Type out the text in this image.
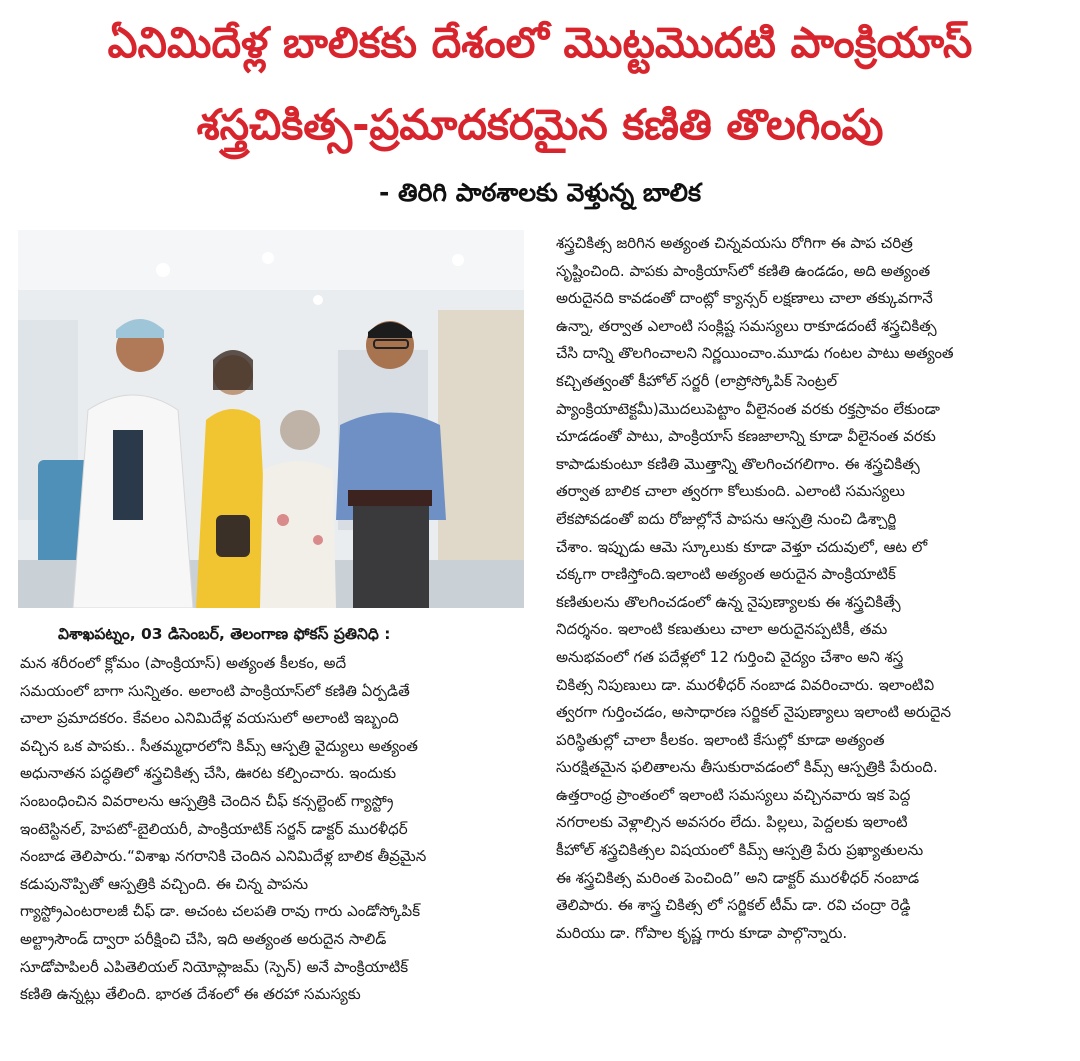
ఏనిమిదేళ్ల బాలికకు దేశంలో మొట్టమొదటి పాంక్రియాస్
శస్త్రచికిత్స-ప్రమాదకరమైన కణితి తొలగింపు
- తిరిగి పాఠశాలకు వెళ్తున్న బాలిక
విశాఖపట్నం, 03 డిసెంబర్, తెలంగాణ ఫోకస్ ప్రతినిధి :
మన శరీరంలో క్లోమం (పాంక్రియాస్) అత్యంత కీలకం, అదే
సమయంలో బాగా సున్నితం. అలాంటి పాంక్రియాస్‌లో కణితి ఏర్పడితే
చాలా ప్రమాదకరం. కేవలం ఎనిమిదేళ్ల వయసులో అలాంటి ఇబ్బంది
వచ్చిన ఒక పాపకు.. సీతమ్మధారలోని కిమ్స్ ఆస్పత్రి వైద్యులు అత్యంత
అధునాతన పద్ధతిలో శస్త్రచికిత్స చేసి, ఊరట కల్పించారు. ఇందుకు
సంబంధించిన వివరాలను ఆస్పత్రికి చెందిన చీఫ్ కన్సల్టెంట్ గ్యాస్ట్రో
ఇంటెస్టినల్, హెపటో-బైలియరీ, పాంక్రియాటిక్ సర్జన్ డాక్టర్ మురళీధర్
నంబాడ తెలిపారు.“విశాఖ నగరానికి చెందిన ఎనిమిదేళ్ల బాలిక తీవ్రమైన
కడుపునొప్పితో ఆస్పత్రికి వచ్చింది. ఈ చిన్న పాపను
గ్యాస్ట్రోఎంటరాలజీ చీఫ్ డా. అచంట చలపతి రావు గారు ఎండోస్కోపిక్
అల్ట్రాసౌండ్ ద్వారా పరీక్షించి చేసి, ఇది అత్యంత అరుదైన సాలిడ్
సూడోపాపిలరీ ఎపితెలియల్ నియోప్లాజమ్ (స్పెన్) అనే పాంక్రియాటిక్
కణితి ఉన్నట్లు తేలింది. భారత దేశంలో ఈ తరహా సమస్యకు
శస్త్రచికిత్స జరిగిన అత్యంత చిన్నవయసు రోగిగా ఈ పాప చరిత్ర
సృష్టించింది. పాపకు పాంక్రియాస్‌లో కణితి ఉండడం, అది అత్యంత
అరుదైనది కావడంతో దాంట్లో క్యాన్సర్ లక్షణాలు చాలా తక్కువగానే
ఉన్నా, తర్వాత ఎలాంటి సంక్లిష్ట సమస్యలు రాకూడదంటే శస్త్రచికిత్స
చేసి దాన్ని తొలగించాలని నిర్ణయించాం.మూడు గంటల పాటు అత్యంత
కచ్చితత్వంతో కీహోల్ సర్జరీ (లాప్రోస్కోపిక్ సెంట్రల్
ప్యాంక్రియాటెక్టమీ)మొదలుపెట్టాం వీలైనంత వరకు రక్తస్రావం లేకుండా
చూడడంతో పాటు, పాంక్రియాస్ కణజాలాన్ని కూడా వీలైనంత వరకు
కాపాడుకుంటూ కణితి మొత్తాన్ని తొలగించగలిగాం. ఈ శస్త్రచికిత్స
తర్వాత బాలిక చాలా త్వరగా కోలుకుంది. ఎలాంటి సమస్యలు
లేకపోవడంతో ఐదు రోజుల్లోనే పాపను ఆస్పత్రి నుంచి డిశ్చార్జి
చేశాం. ఇప్పుడు ఆమె స్కూలుకు కూడా వెళ్తూ చదువులో, ఆట లో
చక్కగా రాణిస్తోంది.ఇలాంటి అత్యంత అరుదైన పాంక్రియాటిక్
కణితులను తొలగించడంలో ఉన్న నైపుణ్యాలకు ఈ శస్త్రచికిత్సే
నిదర్శనం. ఇలాంటి కణుతులు చాలా అరుదైనప్పటికీ, తమ
అనుభవంలో గత పదేళ్లలో 12 గుర్తించి వైద్యం చేశాం అని శస్త్ర
చికిత్స నిపుణులు డా. మురళీధర్ నంబాడ వివరించారు. ఇలాంటివి
త్వరగా గుర్తించడం, అసాధారణ సర్జికల్ నైపుణ్యాలు ఇలాంటి అరుదైన
పరిస్థితుల్లో చాలా కీలకం. ఇలాంటి కేసుల్లో కూడా అత్యంత
సురక్షితమైన ఫలితాలను తీసుకురావడంలో కిమ్స్ ఆస్పత్రికి పేరుంది.
ఉత్తరాంధ్ర ప్రాంతంలో ఇలాంటి సమస్యలు వచ్చినవారు ఇక పెద్ద
నగరాలకు వెళ్లాల్సిన అవసరం లేదు. పిల్లలు, పెద్దలకు ఇలాంటి
కీహోల్ శస్త్రచికిత్సల విషయంలో కిమ్స్ ఆస్పత్రి పేరు ప్రఖ్యాతులను
ఈ శస్త్రచికిత్స మరింత పెంచింది” అని డాక్టర్ మురళీధర్ నంబాడ
తెలిపారు. ఈ శాస్త్ర చికిత్స లో సర్జికల్ టీమ్ డా. రవి చంద్రా రెడ్డి
మరియు డా. గోపాల కృష్ణ గారు కూడా పాల్గొన్నారు.
